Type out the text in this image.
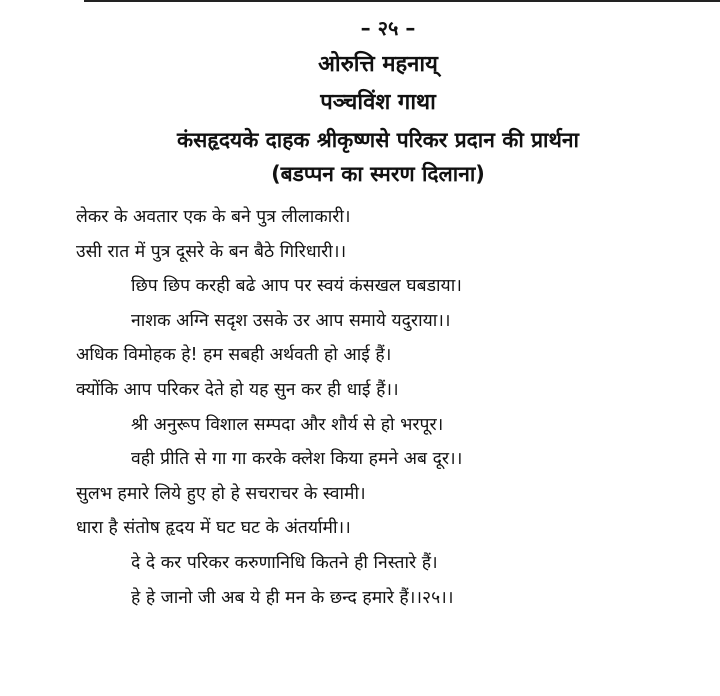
– २५ –
ओरुत्ति महनाय्
पञ्चविंश गाथा
कंसहृदयके दाहक श्रीकृष्णसे परिकर प्रदान की प्रार्थना
(बडप्पन का स्मरण दिलाना)
लेकर के अवतार एक के बने पुत्र लीलाकारी।
उसी रात में पुत्र दूसरे के बन बैठे गिरिधारी।।
छिप छिप करही बढे आप पर स्वयं कंसखल घबडाया।
नाशक अग्नि सदृश उसके उर आप समाये यदुराया।।
अधिक विमोहक हे! हम सबही अर्थवती हो आई हैं।
क्योंकि आप परिकर देते हो यह सुन कर ही धाई हैं।।
श्री अनुरूप विशाल सम्पदा और शौर्य से हो भरपूर।
वही प्रीति से गा गा करके क्लेश किया हमने अब दूर।।
सुलभ हमारे लिये हुए हो हे सचराचर के स्वामी।
धारा है संतोष हृदय में घट घट के अंतर्यामी।।
दे दे कर परिकर करुणानिधि कितने ही निस्तारे हैं।
हे हे जानो जी अब ये ही मन के छन्द हमारे हैं।।२५।।
